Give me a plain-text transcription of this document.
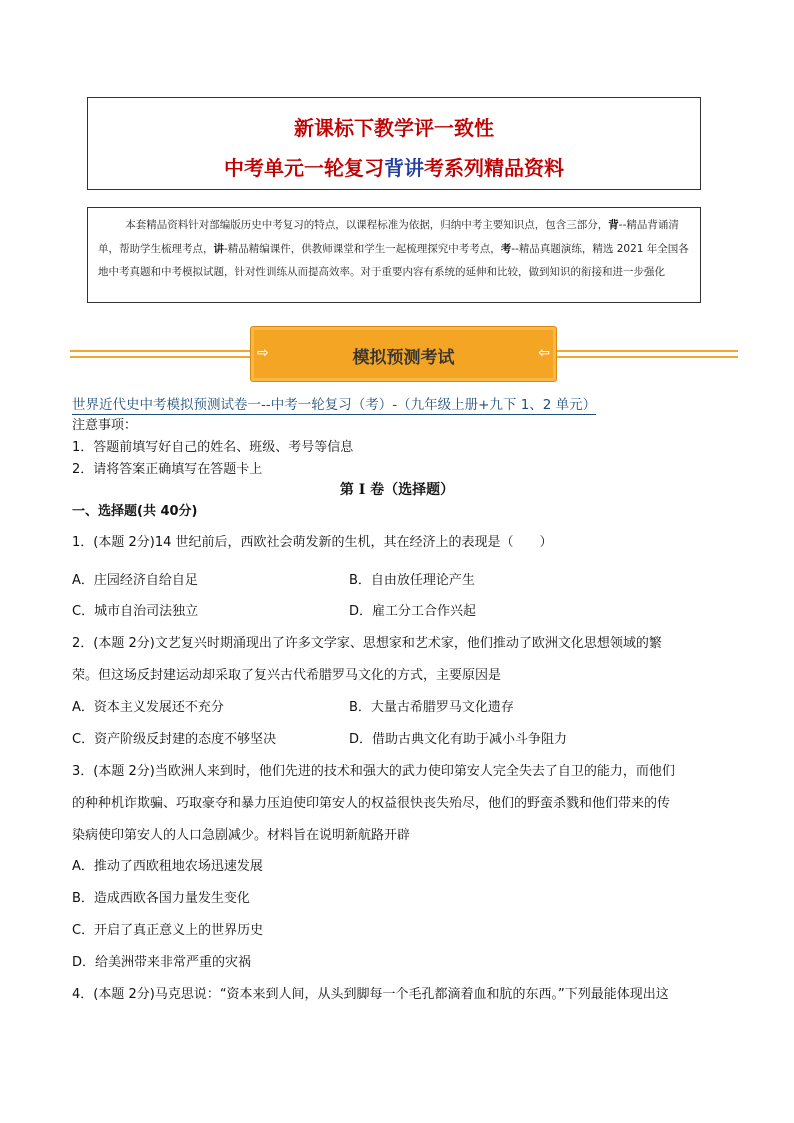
新课标下教学评一致性
中考单元一轮复习背讲考系列精品资料

本套精品资料针对部编版历史中考复习的特点，以课程标准为依据，归纳中考主要知识点，包含三部分，背--精品背诵清单，帮助学生梳理考点，讲-精品精编课件，供教师课堂和学生一起梳理探究中考考点，考--精品真题演练，精选 2021 年全国各地中考真题和中考模拟试题，针对性训练从而提高效率。对于重要内容有系统的延伸和比较，做到知识的衔接和进一步强化

⇨	模拟预测考试	⇦
世界近代史中考模拟预测试卷一--中考一轮复习（考）-（九年级上册+九下 1、2 单元）
注意事项：
1．答题前填写好自己的姓名、班级、考号等信息
2．请将答案正确填写在答题卡上
第 I 卷（选择题）
一、选择题(共 40分)
1．(本题 2分)14 世纪前后，西欧社会萌发新的生机，其在经济上的表现是（　　）
A．庄园经济自给自足	B．自由放任理论产生
C．城市自治司法独立	D．雇工分工合作兴起
2．(本题 2分)文艺复兴时期涌现出了许多文学家、思想家和艺术家，他们推动了欧洲文化思想领域的繁
荣。但这场反封建运动却采取了复兴古代希腊罗马文化的方式，主要原因是
A．资本主义发展还不充分	B．大量古希腊罗马文化遗存
C．资产阶级反封建的态度不够坚决	D．借助古典文化有助于减小斗争阻力
3．(本题 2分)当欧洲人来到时，他们先进的技术和强大的武力使印第安人完全失去了自卫的能力，而他们
的种种机诈欺骗、巧取豪夺和暴力压迫使印第安人的权益很快丧失殆尽，他们的野蛮杀戮和他们带来的传
染病使印第安人的人口急剧减少。材料旨在说明新航路开辟
A．推动了西欧租地农场迅速发展
B．造成西欧各国力量发生变化
C．开启了真正意义上的世界历史
D．给美洲带来非常严重的灾祸
4．(本题 2分)马克思说：“资本来到人间，从头到脚每一个毛孔都滴着血和肮的东西。”下列最能体现出这
